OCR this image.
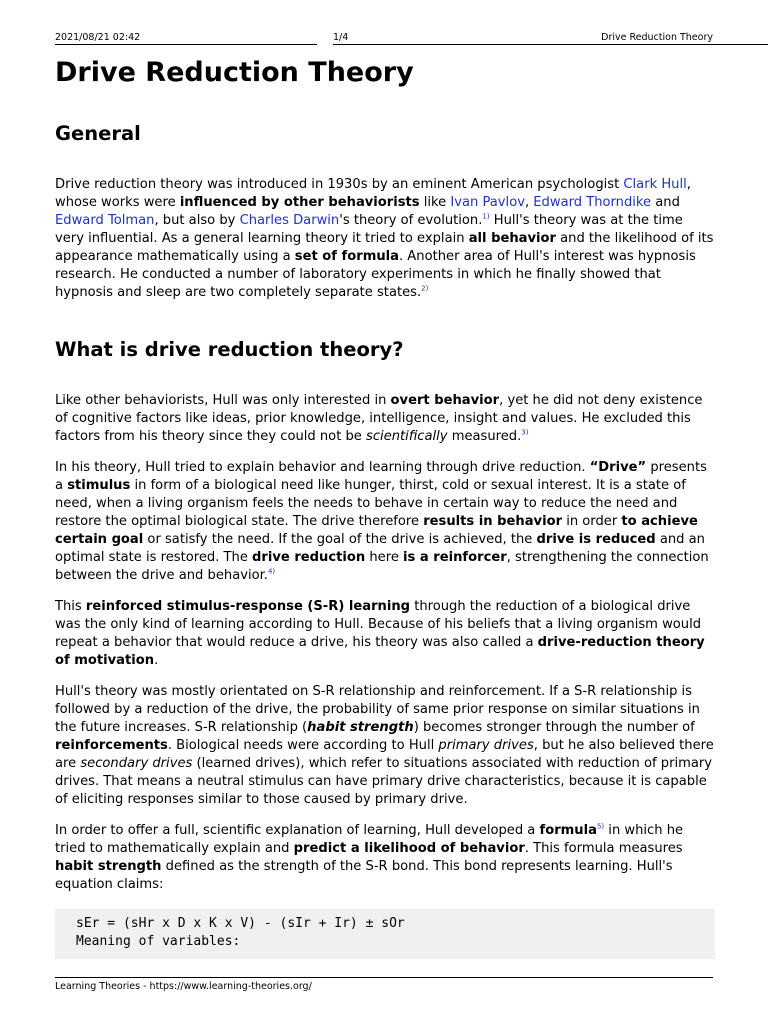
2021/08/21 02:42	1/4	Drive Reduction Theory
Drive Reduction Theory
General

Drive reduction theory was introduced in 1930s by an eminent American psychologist Clark Hull, whose works were influenced by other behaviorists like Ivan Pavlov, Edward Thorndike and Edward Tolman, but also by Charles Darwin's theory of evolution.$^{1)}$ Hull's theory was at the time very influential. As a general learning theory it tried to explain all behavior and the likelihood of its appearance mathematically using a set of formula. Another area of Hull's interest was hypnosis research. He conducted a number of laboratory experiments in which he finally showed that hypnosis and sleep are two completely separate states.$^{2)}$

What is drive reduction theory?

Like other behaviorists, Hull was only interested in overt behavior, yet he did not deny existence of cognitive factors like ideas, prior knowledge, intelligence, insight and values. He excluded this factors from his theory since they could not be scientifically measured.$^{3)}$

In his theory, Hull tried to explain behavior and learning through drive reduction. “Drive” presents a stimulus in form of a biological need like hunger, thirst, cold or sexual interest. It is a state of need, when a living organism feels the needs to behave in certain way to reduce the need and restore the optimal biological state. The drive therefore results in behavior in order to achieve certain goal or satisfy the need. If the goal of the drive is achieved, the drive is reduced and an optimal state is restored. The drive reduction here is a reinforcer, strengthening the connection between the drive and behavior.$^{4)}$

This reinforced stimulus-response (S-R) learning through the reduction of a biological drive was the only kind of learning according to Hull. Because of his beliefs that a living organism would repeat a behavior that would reduce a drive, his theory was also called a drive-reduction theory of motivation.

Hull's theory was mostly orientated on S-R relationship and reinforcement. If a S-R relationship is followed by a reduction of the drive, the probability of same prior response on similar situations in the future increases. S-R relationship (habit strength) becomes stronger through the number of reinforcements. Biological needs were according to Hull primary drives, but he also believed there are secondary drives (learned drives), which refer to situations associated with reduction of primary drives. That means a neutral stimulus can have primary drive characteristics, because it is capable of eliciting responses similar to those caused by primary drive.

In order to offer a full, scientific explanation of learning, Hull developed a formula$^{5)}$ in which he tried to mathematically explain and predict a likelihood of behavior. This formula measures habit strength defined as the strength of the S-R bond. This bond represents learning. Hull's equation claims:

sEr = (sHr x D x K x V) - (sIr + Ir) ± sOr
Meaning of variables:
Learning Theories - https://www.learning-theories.org/
